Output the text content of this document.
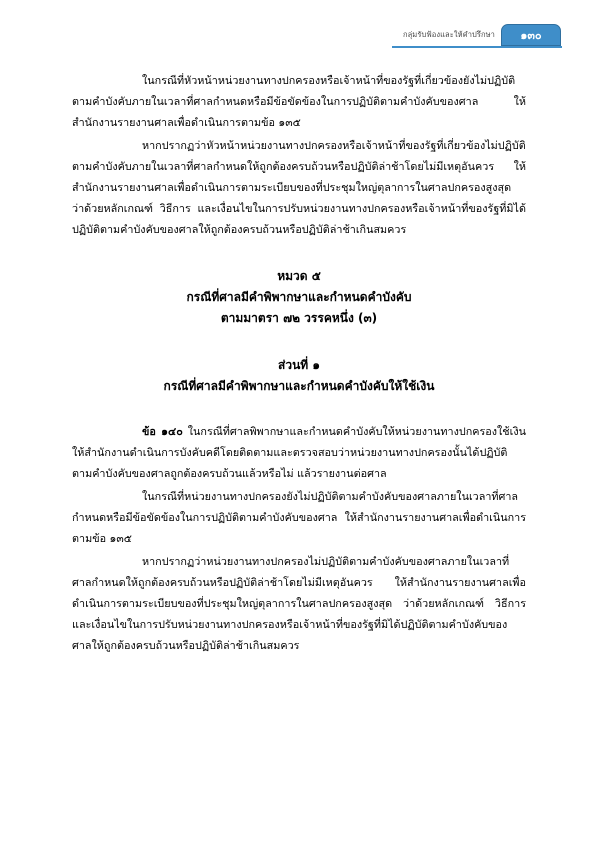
กลุ่มรับฟ้องและให้คำปรึกษา ๑๓๐

ในกรณีที่หัวหน้าหน่วยงานทางปกครองหรือเจ้าหน้าที่ของรัฐที่เกี่ยวข้องยังไม่ปฏิบัติตามคำบังคับภายในเวลาที่ศาลกำหนดหรือมีข้อขัดข้องในการปฏิบัติตามคำบังคับของศาล ให้สำนักงานรายงานศาลเพื่อดำเนินการตามข้อ ๑๓๕

หากปรากฏว่าหัวหน้าหน่วยงานทางปกครองหรือเจ้าหน้าที่ของรัฐที่เกี่ยวข้องไม่ปฏิบัติตามคำบังคับภายในเวลาที่ศาลกำหนดให้ถูกต้องครบถ้วนหรือปฏิบัติล่าช้าโดยไม่มีเหตุอันควร ให้สำนักงานรายงานศาลเพื่อดำเนินการตามระเบียบของที่ประชุมใหญ่ตุลาการในศาลปกครองสูงสุด ว่าด้วยหลักเกณฑ์ วิธีการ และเงื่อนไขในการปรับหน่วยงานทางปกครองหรือเจ้าหน้าที่ของรัฐที่มิได้ปฏิบัติตามคำบังคับของศาลให้ถูกต้องครบถ้วนหรือปฏิบัติล่าช้าเกินสมควร

หมวด ๕

กรณีที่ศาลมีคำพิพากษาและกำหนดคำบังคับ

ตามมาตรา ๗๒ วรรคหนึ่ง (๓)

ส่วนที่ ๑

กรณีที่ศาลมีคำพิพากษาและกำหนดคำบังคับให้ใช้เงิน

ข้อ ๑๔๐ ในกรณีที่ศาลพิพากษาและกำหนดคำบังคับให้หน่วยงานทางปกครองใช้เงินให้สำนักงานดำเนินการบังคับคดีโดยติดตามและตรวจสอบว่าหน่วยงานทางปกครองนั้นได้ปฏิบัติตามคำบังคับของศาลถูกต้องครบถ้วนแล้วหรือไม่ แล้วรายงานต่อศาล

ในกรณีที่หน่วยงานทางปกครองยังไม่ปฏิบัติตามคำบังคับของศาลภายในเวลาที่ศาลกำหนดหรือมีข้อขัดข้องในการปฏิบัติตามคำบังคับของศาล ให้สำนักงานรายงานศาลเพื่อดำเนินการตามข้อ ๑๓๕

หากปรากฏว่าหน่วยงานทางปกครองไม่ปฏิบัติตามคำบังคับของศาลภายในเวลาที่ศาลกำหนดให้ถูกต้องครบถ้วนหรือปฏิบัติล่าช้าโดยไม่มีเหตุอันควร ให้สำนักงานรายงานศาลเพื่อดำเนินการตามระเบียบของที่ประชุมใหญ่ตุลาการในศาลปกครองสูงสุด ว่าด้วยหลักเกณฑ์ วิธีการ และเงื่อนไขในการปรับหน่วยงานทางปกครองหรือเจ้าหน้าที่ของรัฐที่มิได้ปฏิบัติตามคำบังคับของศาลให้ถูกต้องครบถ้วนหรือปฏิบัติล่าช้าเกินสมควร
